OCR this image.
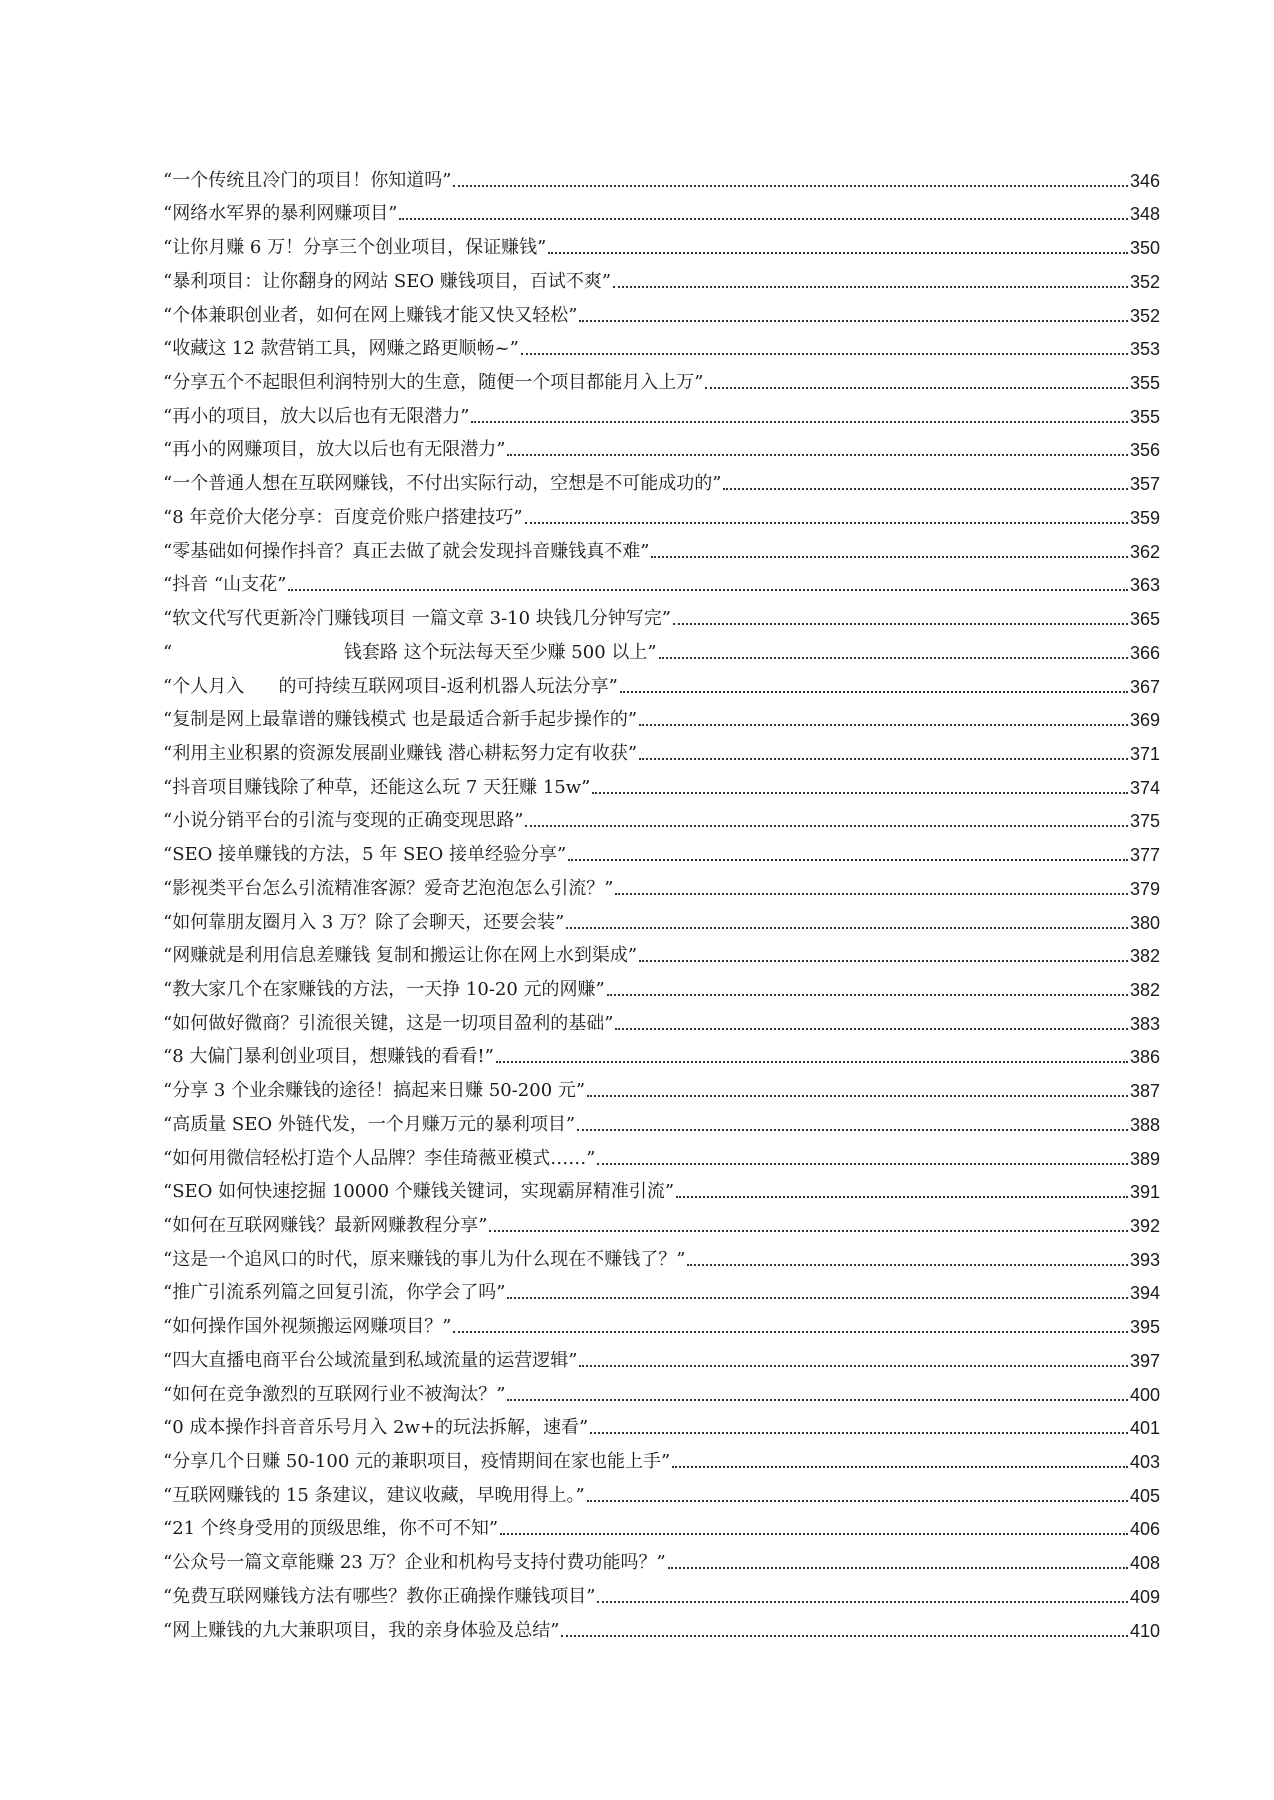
“一个传统且冷门的项目！你知道吗”	346
“网络水军界的暴利网赚项目”	348
“让你月赚 6 万！分享三个创业项目，保证赚钱”	350
“暴利项目：让你翻身的网站 SEO 赚钱项目，百试不爽”	352
“个体兼职创业者，如何在网上赚钱才能又快又轻松”	352
“收藏这 12 款营销工具，网赚之路更顺畅~”	353
“分享五个不起眼但利润特别大的生意，随便一个项目都能月入上万”	355
“再小的项目，放大以后也有无限潜力”	355
“再小的网赚项目，放大以后也有无限潜力”	356
“一个普通人想在互联网赚钱，不付出实际行动，空想是不可能成功的”	357
“8 年竞价大佬分享：百度竞价账户搭建技巧”	359
“零基础如何操作抖音？真正去做了就会发现抖音赚钱真不难”	362
“抖音 “山支花”	363
“软文代写代更新冷门赚钱项目 一篇文章 3-10 块钱几分钟写完”	365
“                              钱套路 这个玩法每天至少赚 500 以上”	366
“个人月入      的可持续互联网项目-返利机器人玩法分享”	367
“复制是网上最靠谱的赚钱模式 也是最适合新手起步操作的”	369
“利用主业积累的资源发展副业赚钱 潜心耕耘努力定有收获”	371
“抖音项目赚钱除了种草，还能这么玩 7 天狂赚 15w”	374
“小说分销平台的引流与变现的正确变现思路”	375
“SEO 接单赚钱的方法，5 年 SEO 接单经验分享”	377
“影视类平台怎么引流精准客源？爱奇艺泡泡怎么引流？”	379
“如何靠朋友圈月入 3 万？除了会聊天，还要会装”	380
“网赚就是利用信息差赚钱 复制和搬运让你在网上水到渠成”	382
“教大家几个在家赚钱的方法，一天挣 10-20 元的网赚”	382
“如何做好微商？引流很关键，这是一切项目盈利的基础”	383
“8 大偏门暴利创业项目，想赚钱的看看!”	386
“分享 3 个业余赚钱的途径！搞起来日赚 50-200 元”	387
“高质量 SEO 外链代发，一个月赚万元的暴利项目”	388
“如何用微信轻松打造个人品牌？李佳琦薇亚模式……”	389
“SEO 如何快速挖掘 10000 个赚钱关键词，实现霸屏精准引流”	391
“如何在互联网赚钱？最新网赚教程分享”	392
“这是一个追风口的时代，原来赚钱的事儿为什么现在不赚钱了？”	393
“推广引流系列篇之回复引流，你学会了吗”	394
“如何操作国外视频搬运网赚项目？”	395
“四大直播电商平台公域流量到私域流量的运营逻辑”	397
“如何在竞争激烈的互联网行业不被淘汰？”	400
“0 成本操作抖音音乐号月入 2w+的玩法拆解，速看”	401
“分享几个日赚 50-100 元的兼职项目，疫情期间在家也能上手”	403
“互联网赚钱的 15 条建议，建议收藏，早晚用得上。”	405
“21 个终身受用的顶级思维，你不可不知”	406
“公众号一篇文章能赚 23 万？企业和机构号支持付费功能吗？”	408
“免费互联网赚钱方法有哪些？教你正确操作赚钱项目”	409
“网上赚钱的九大兼职项目，我的亲身体验及总结”	410
